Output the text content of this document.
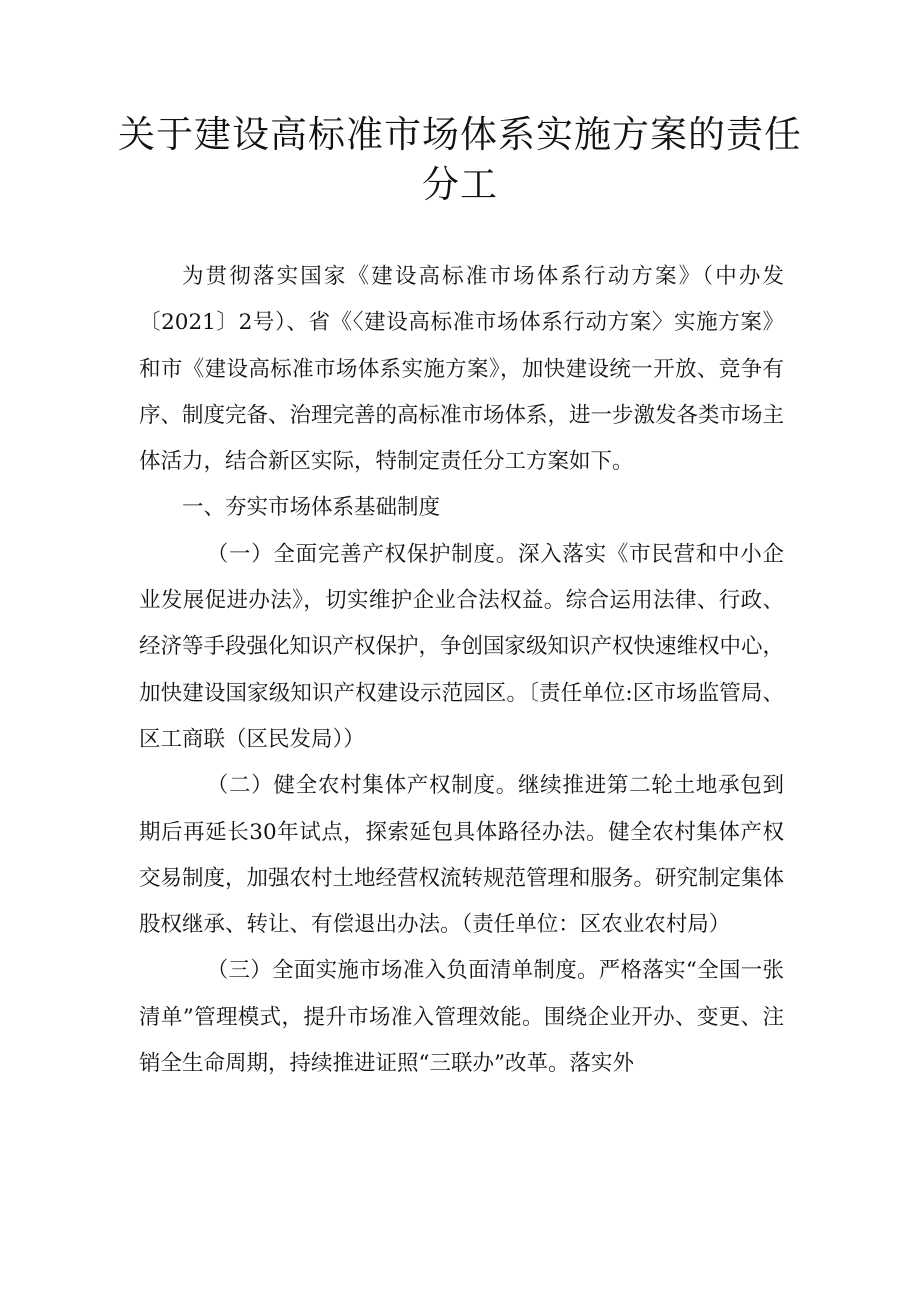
关于建设高标准市场体系实施方案的责任
分工

为贯彻落实国家《建设高标准市场体系行动方案》（中办发〔2021〕2号）、省《〈建设高标准市场体系行动方案〉实施方案》和市《建设高标准市场体系实施方案》，加快建设统一开放、竞争有序、制度完备、治理完善的高标准市场体系，进一步激发各类市场主体活力，结合新区实际，特制定责任分工方案如下。

一、夯实市场体系基础制度

（一）全面完善产权保护制度。深入落实《市民营和中小企业发展促进办法》，切实维护企业合法权益。综合运用法律、行政、经济等手段强化知识产权保护，争创国家级知识产权快速维权中心，加快建设国家级知识产权建设示范园区。〔责任单位:区市场监管局、区工商联（区民发局））

（二）健全农村集体产权制度。继续推进第二轮土地承包到期后再延长30年试点，探索延包具体路径办法。健全农村集体产权交易制度，加强农村土地经营权流转规范管理和服务。研究制定集体股权继承、转让、有偿退出办法。（责任单位：区农业农村局）

（三）全面实施市场准入负面清单制度。严格落实“全国一张清单”管理模式，提升市场准入管理效能。围绕企业开办、变更、注销全生命周期，持续推进证照“三联办”改革。落实外
